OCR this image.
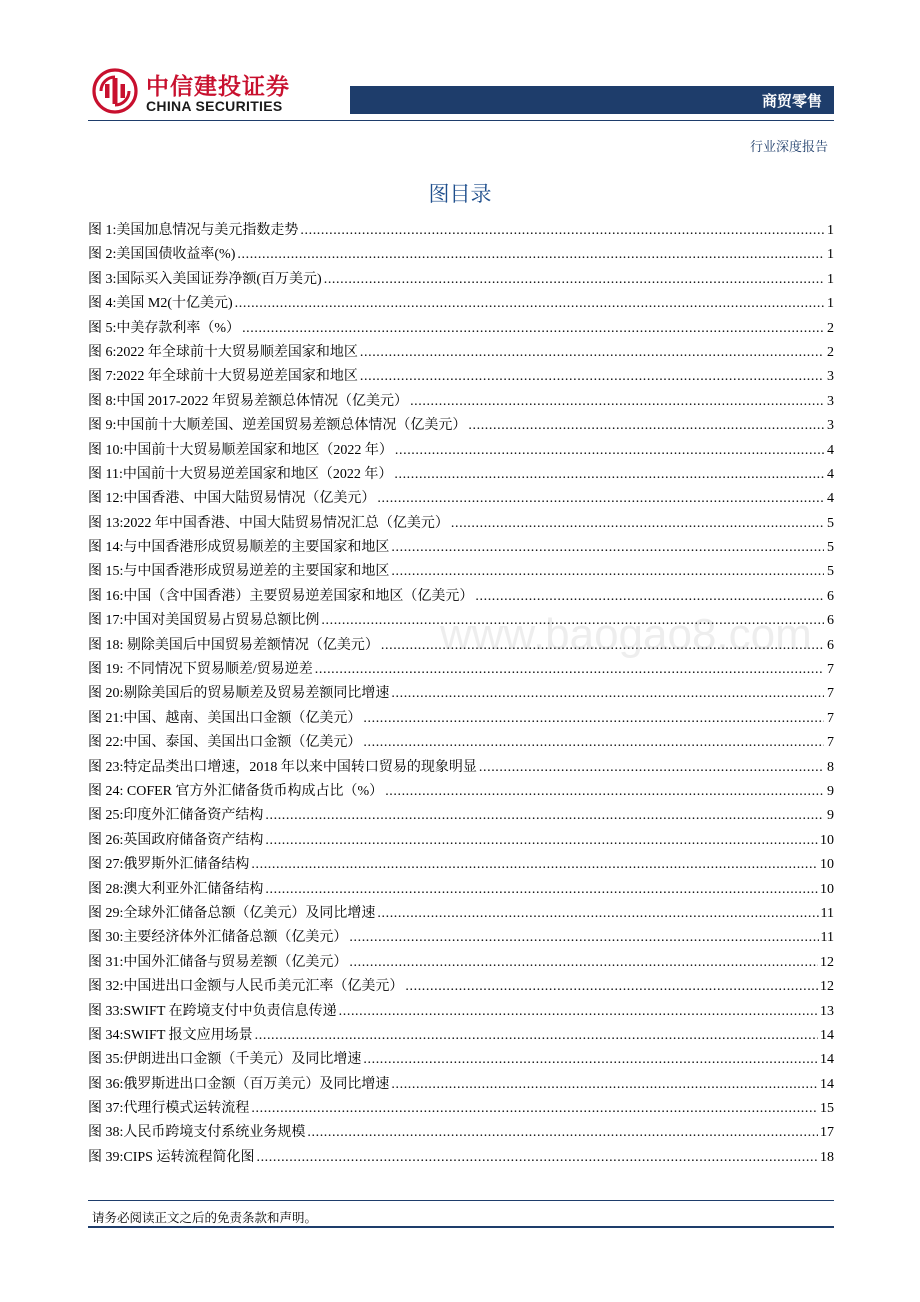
中信建投证券
CHINA SECURITIES	商贸零售
行业深度报告
图目录
图 1:美国加息情况与美元指数走势 .....	1
图 2:美国国债收益率(%) .....	1
图 3:国际买入美国证券净额(百万美元) .....	1
图 4:美国 M2(十亿美元) .....	1
图 5:中美存款利率（%） .....	2
图 6:2022 年全球前十大贸易顺差国家和地区 .....	2
图 7:2022 年全球前十大贸易逆差国家和地区 .....	3
图 8:中国 2017-2022 年贸易差额总体情况（亿美元） .....	3
图 9:中国前十大顺差国、逆差国贸易差额总体情况（亿美元） .....	3
图 10:中国前十大贸易顺差国家和地区（2022 年） .....	4
图 11:中国前十大贸易逆差国家和地区（2022 年） .....	4
图 12:中国香港、中国大陆贸易情况（亿美元） .....	4
图 13:2022 年中国香港、中国大陆贸易情况汇总（亿美元） .....	5
图 14:与中国香港形成贸易顺差的主要国家和地区 .....	5
图 15:与中国香港形成贸易逆差的主要国家和地区 .....	5
图 16:中国（含中国香港）主要贸易逆差国家和地区（亿美元） .....	6
图 17:中国对美国贸易占贸易总额比例 .....	6
图 18: 剔除美国后中国贸易差额情况（亿美元） .....	6
图 19: 不同情况下贸易顺差/贸易逆差 .....	7
图 20:剔除美国后的贸易顺差及贸易差额同比增速 .....	7
图 21:中国、越南、美国出口金额（亿美元） .....	7
图 22:中国、泰国、美国出口金额（亿美元） .....	7
图 23:特定品类出口增速，2018 年以来中国转口贸易的现象明显 .....	8
图 24: COFER 官方外汇储备货币构成占比（%） .....	9
图 25:印度外汇储备资产结构 .....	9
图 26:英国政府储备资产结构 .....	10
图 27:俄罗斯外汇储备结构 .....	10
图 28:澳大利亚外汇储备结构 .....	10
图 29:全球外汇储备总额（亿美元）及同比增速 .....	11
图 30:主要经济体外汇储备总额（亿美元） .....	11
图 31:中国外汇储备与贸易差额（亿美元） .....	12
图 32:中国进出口金额与人民币美元汇率（亿美元） .....	12
图 33:SWIFT 在跨境支付中负责信息传递 .....	13
图 34:SWIFT 报文应用场景 .....	14
图 35:伊朗进出口金额（千美元）及同比增速 .....	14
图 36:俄罗斯进出口金额（百万美元）及同比增速 .....	14
图 37:代理行模式运转流程 .....	15
图 38:人民币跨境支付系统业务规模 .....	17
图 39:CIPS 运转流程简化图 .....	18
www.baogao8.com
请务必阅读正文之后的免责条款和声明。
